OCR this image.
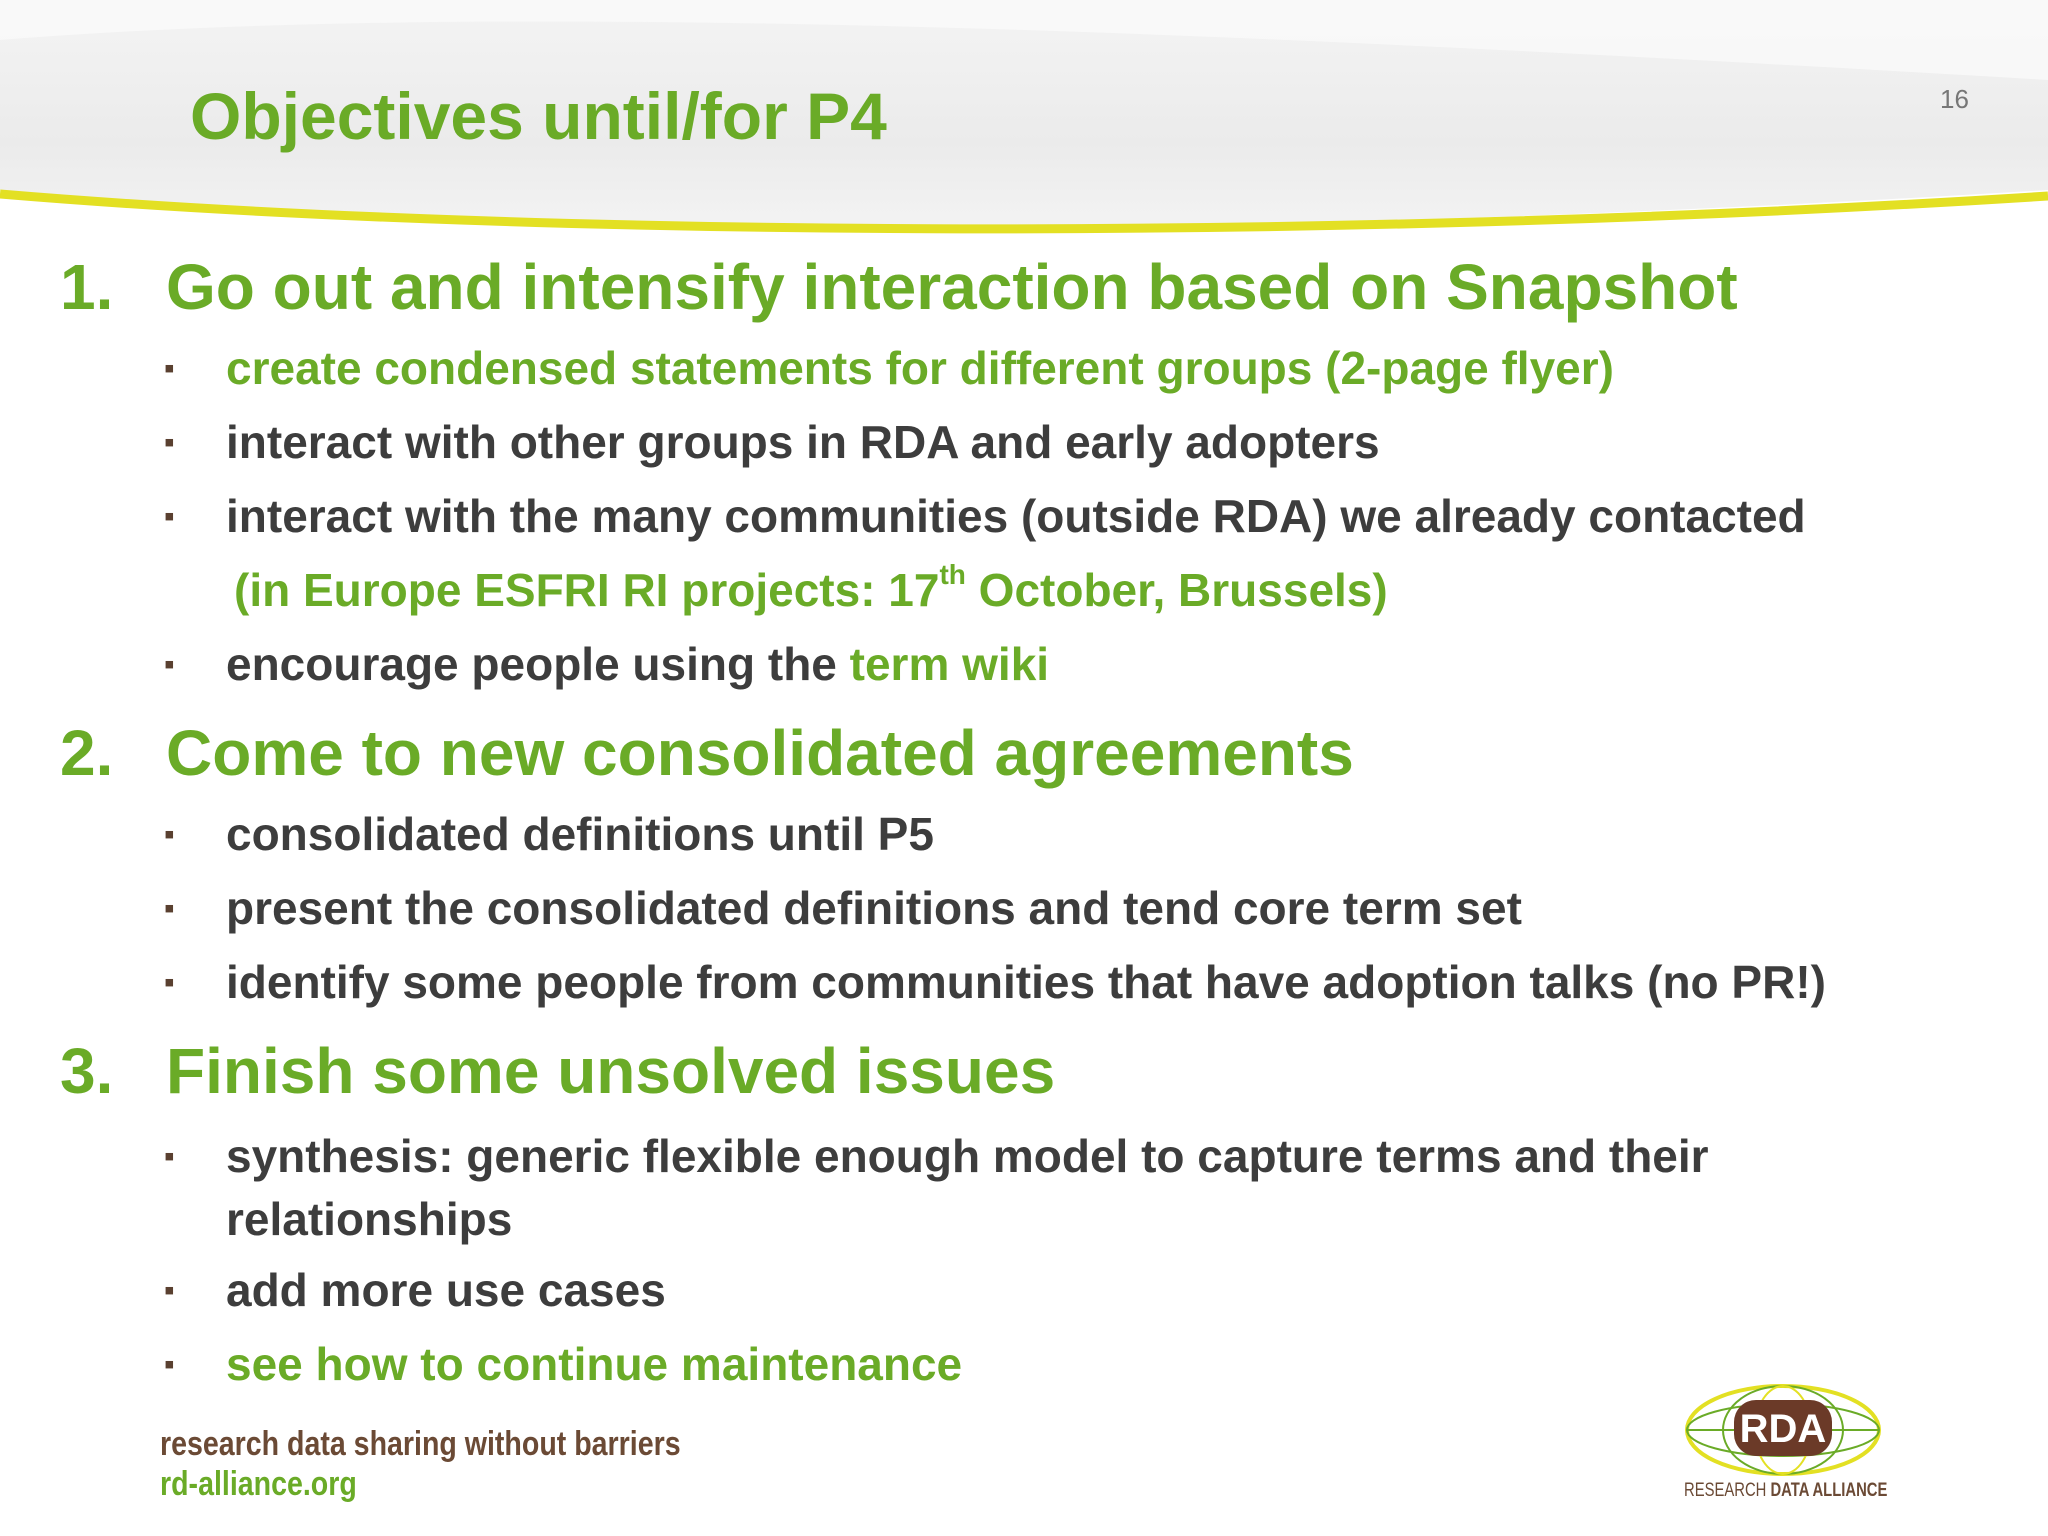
Objectives until/for P4	16
1. Go out and intensify interaction based on Snapshot
▪ create condensed statements for different groups (2-page flyer)
▪ interact with other groups in RDA and early adopters
▪ interact with the many communities (outside RDA) we already contacted
(in Europe ESFRI RI projects: 17th October, Brussels)
▪ encourage people using the term wiki
2. Come to new consolidated agreements
▪ consolidated definitions until P5
▪ present the consolidated definitions and tend core term set
▪ identify some people from communities that have adoption talks (no PR!)
3. Finish some unsolved issues
▪ synthesis: generic flexible enough model to capture terms and their
relationships
▪ add more use cases
▪ see how to continue maintenance
research data sharing without barriers
rd-alliance.org
RDA
RESEARCH DATA ALLIANCE
